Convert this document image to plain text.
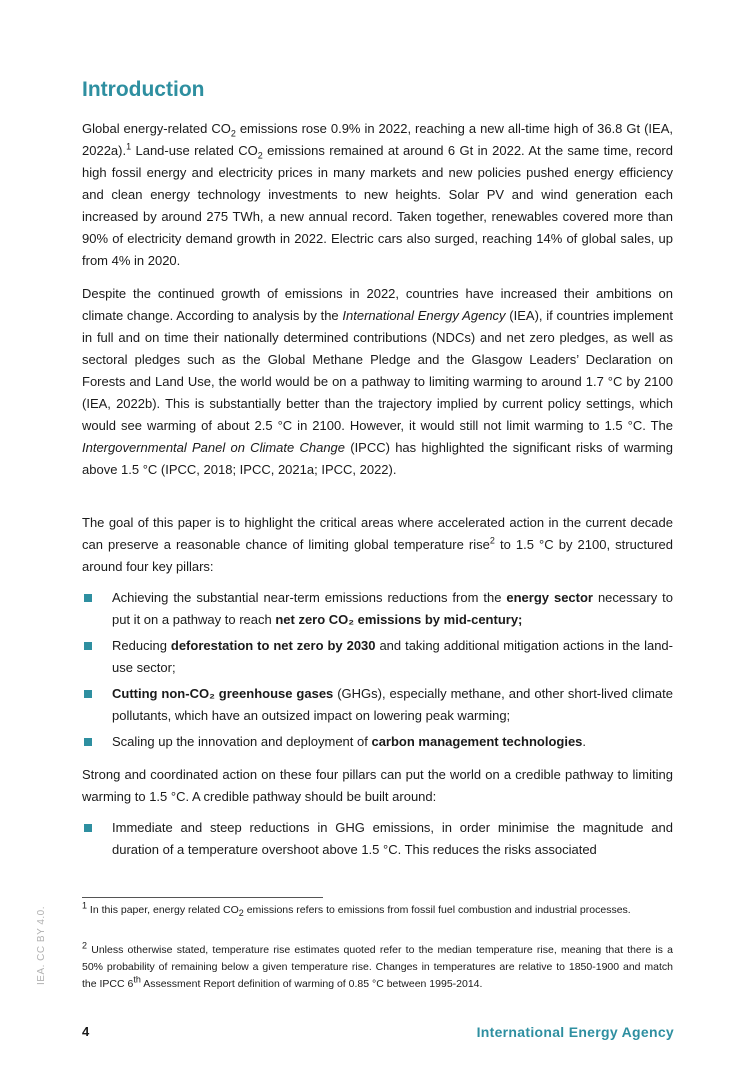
Introduction

Global energy-related $CO_2$ emissions rose 0.9% in 2022, reaching a new all-time high of 36.8 Gt (IEA, 2022a).$^1$ Land-use related $CO_2$ emissions remained at around 6 Gt in 2022. At the same time, record high fossil energy and electricity prices in many markets and new policies pushed energy efficiency and clean energy technology investments to new heights. Solar PV and wind generation each increased by around 275 TWh, a new annual record. Taken together, renewables covered more than 90% of electricity demand growth in 2022. Electric cars also surged, reaching 14% of global sales, up from 4% in 2020.

Despite the continued growth of emissions in 2022, countries have increased their ambitions on climate change. According to analysis by the International Energy Agency (IEA), if countries implement in full and on time their nationally determined contributions (NDCs) and net zero pledges, as well as sectoral pledges such as the Global Methane Pledge and the Glasgow Leaders’ Declaration on Forests and Land Use, the world would be on a pathway to limiting warming to around 1.7 °C by 2100 (IEA, 2022b). This is substantially better than the trajectory implied by current policy settings, which would see warming of about 2.5 °C in 2100. However, it would still not limit warming to 1.5 °C. The Intergovernmental Panel on Climate Change (IPCC) has highlighted the significant risks of warming above 1.5 °C (IPCC, 2018; IPCC, 2021a; IPCC, 2022).

The goal of this paper is to highlight the critical areas where accelerated action in the current decade can preserve a reasonable chance of limiting global temperature rise$^2$ to 1.5 °C by 2100, structured around four key pillars:

Achieving the substantial near-term emissions reductions from the energy sector necessary to put it on a pathway to reach net zero CO₂ emissions by mid-century;
Reducing deforestation to net zero by 2030 and taking additional mitigation actions in the land-use sector;
Cutting non-CO₂ greenhouse gases (GHGs), especially methane, and other short-lived climate pollutants, which have an outsized impact on lowering peak warming;
Scaling up the innovation and deployment of carbon management technologies.

Strong and coordinated action on these four pillars can put the world on a credible pathway to limiting warming to 1.5 °C. A credible pathway should be built around:

Immediate and steep reductions in GHG emissions, in order minimise the magnitude and duration of a temperature overshoot above 1.5 °C. This reduces the risks associated
$^1$ In this paper, energy related $CO_2$ emissions refers to emissions from fossil fuel combustion and industrial processes.
$^2$ Unless otherwise stated, temperature rise estimates quoted refer to the median temperature rise, meaning that there is a 50% probability of remaining below a given temperature rise. Changes in temperatures are relative to 1850-1900 and match the IPCC 6th Assessment Report definition of warming of 0.85 °C between 1995-2014.
4	International Energy Agency
IEA. CC BY 4.0.
